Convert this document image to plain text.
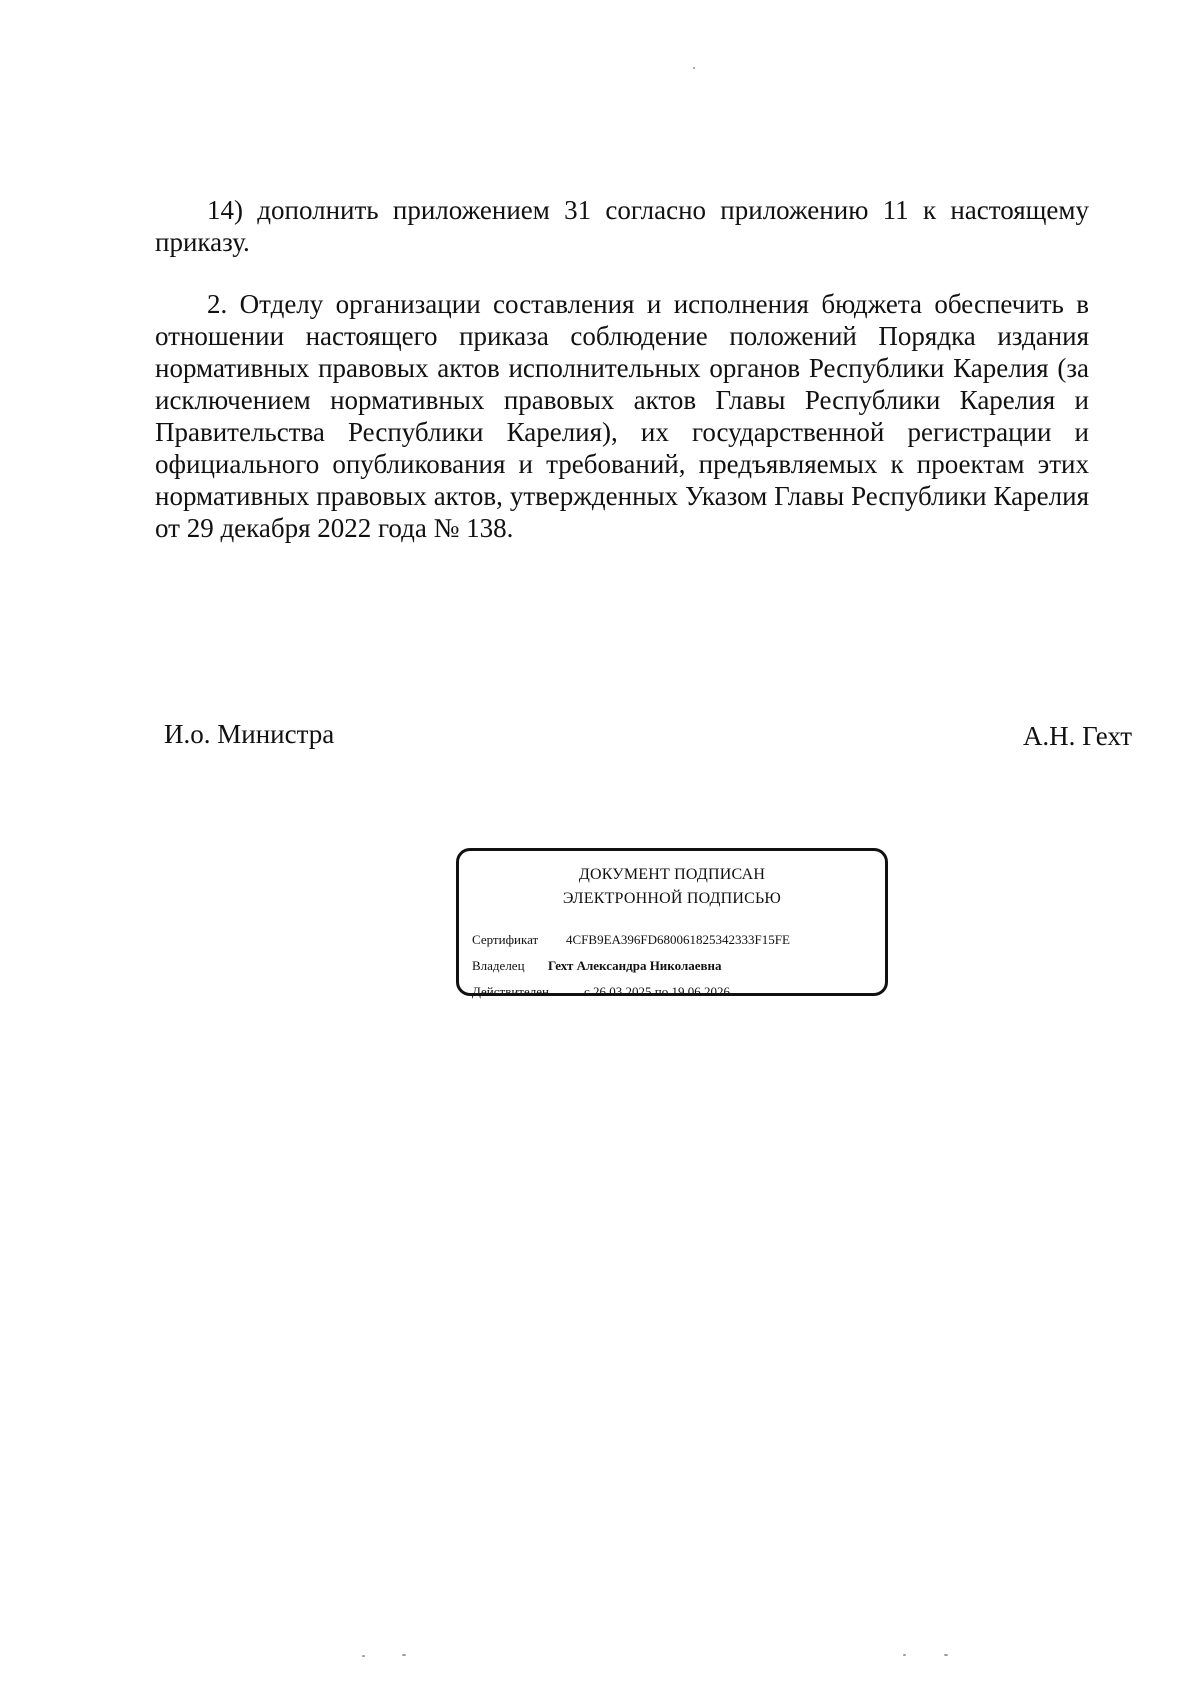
14) дополнить приложением 31 согласно приложению 11 к настоящему приказу.

2. Отделу организации составления и исполнения бюджета обеспечить в отношении настоящего приказа соблюдение положений Порядка издания нормативных правовых актов исполнительных органов Республики Карелия (за исключением нормативных правовых актов Главы Республики Карелия и Правительства Республики Карелия), их государственной регистрации и официального опубликования и требований, предъявляемых к проектам этих нормативных правовых актов, утвержденных Указом Главы Республики Карелия от 29 декабря 2022 года № 138.

И.о. Министра	А.Н. Гехт
ДОКУМЕНТ ПОДПИСАН
ЭЛЕКТРОННОЙ ПОДПИСЬЮ
Сертификат 4CFB9EA396FD680061825342333F15FE
Владелец Гехт Александра Николаевна
Действителен	с 26.03.2025 по 19.06.2026
